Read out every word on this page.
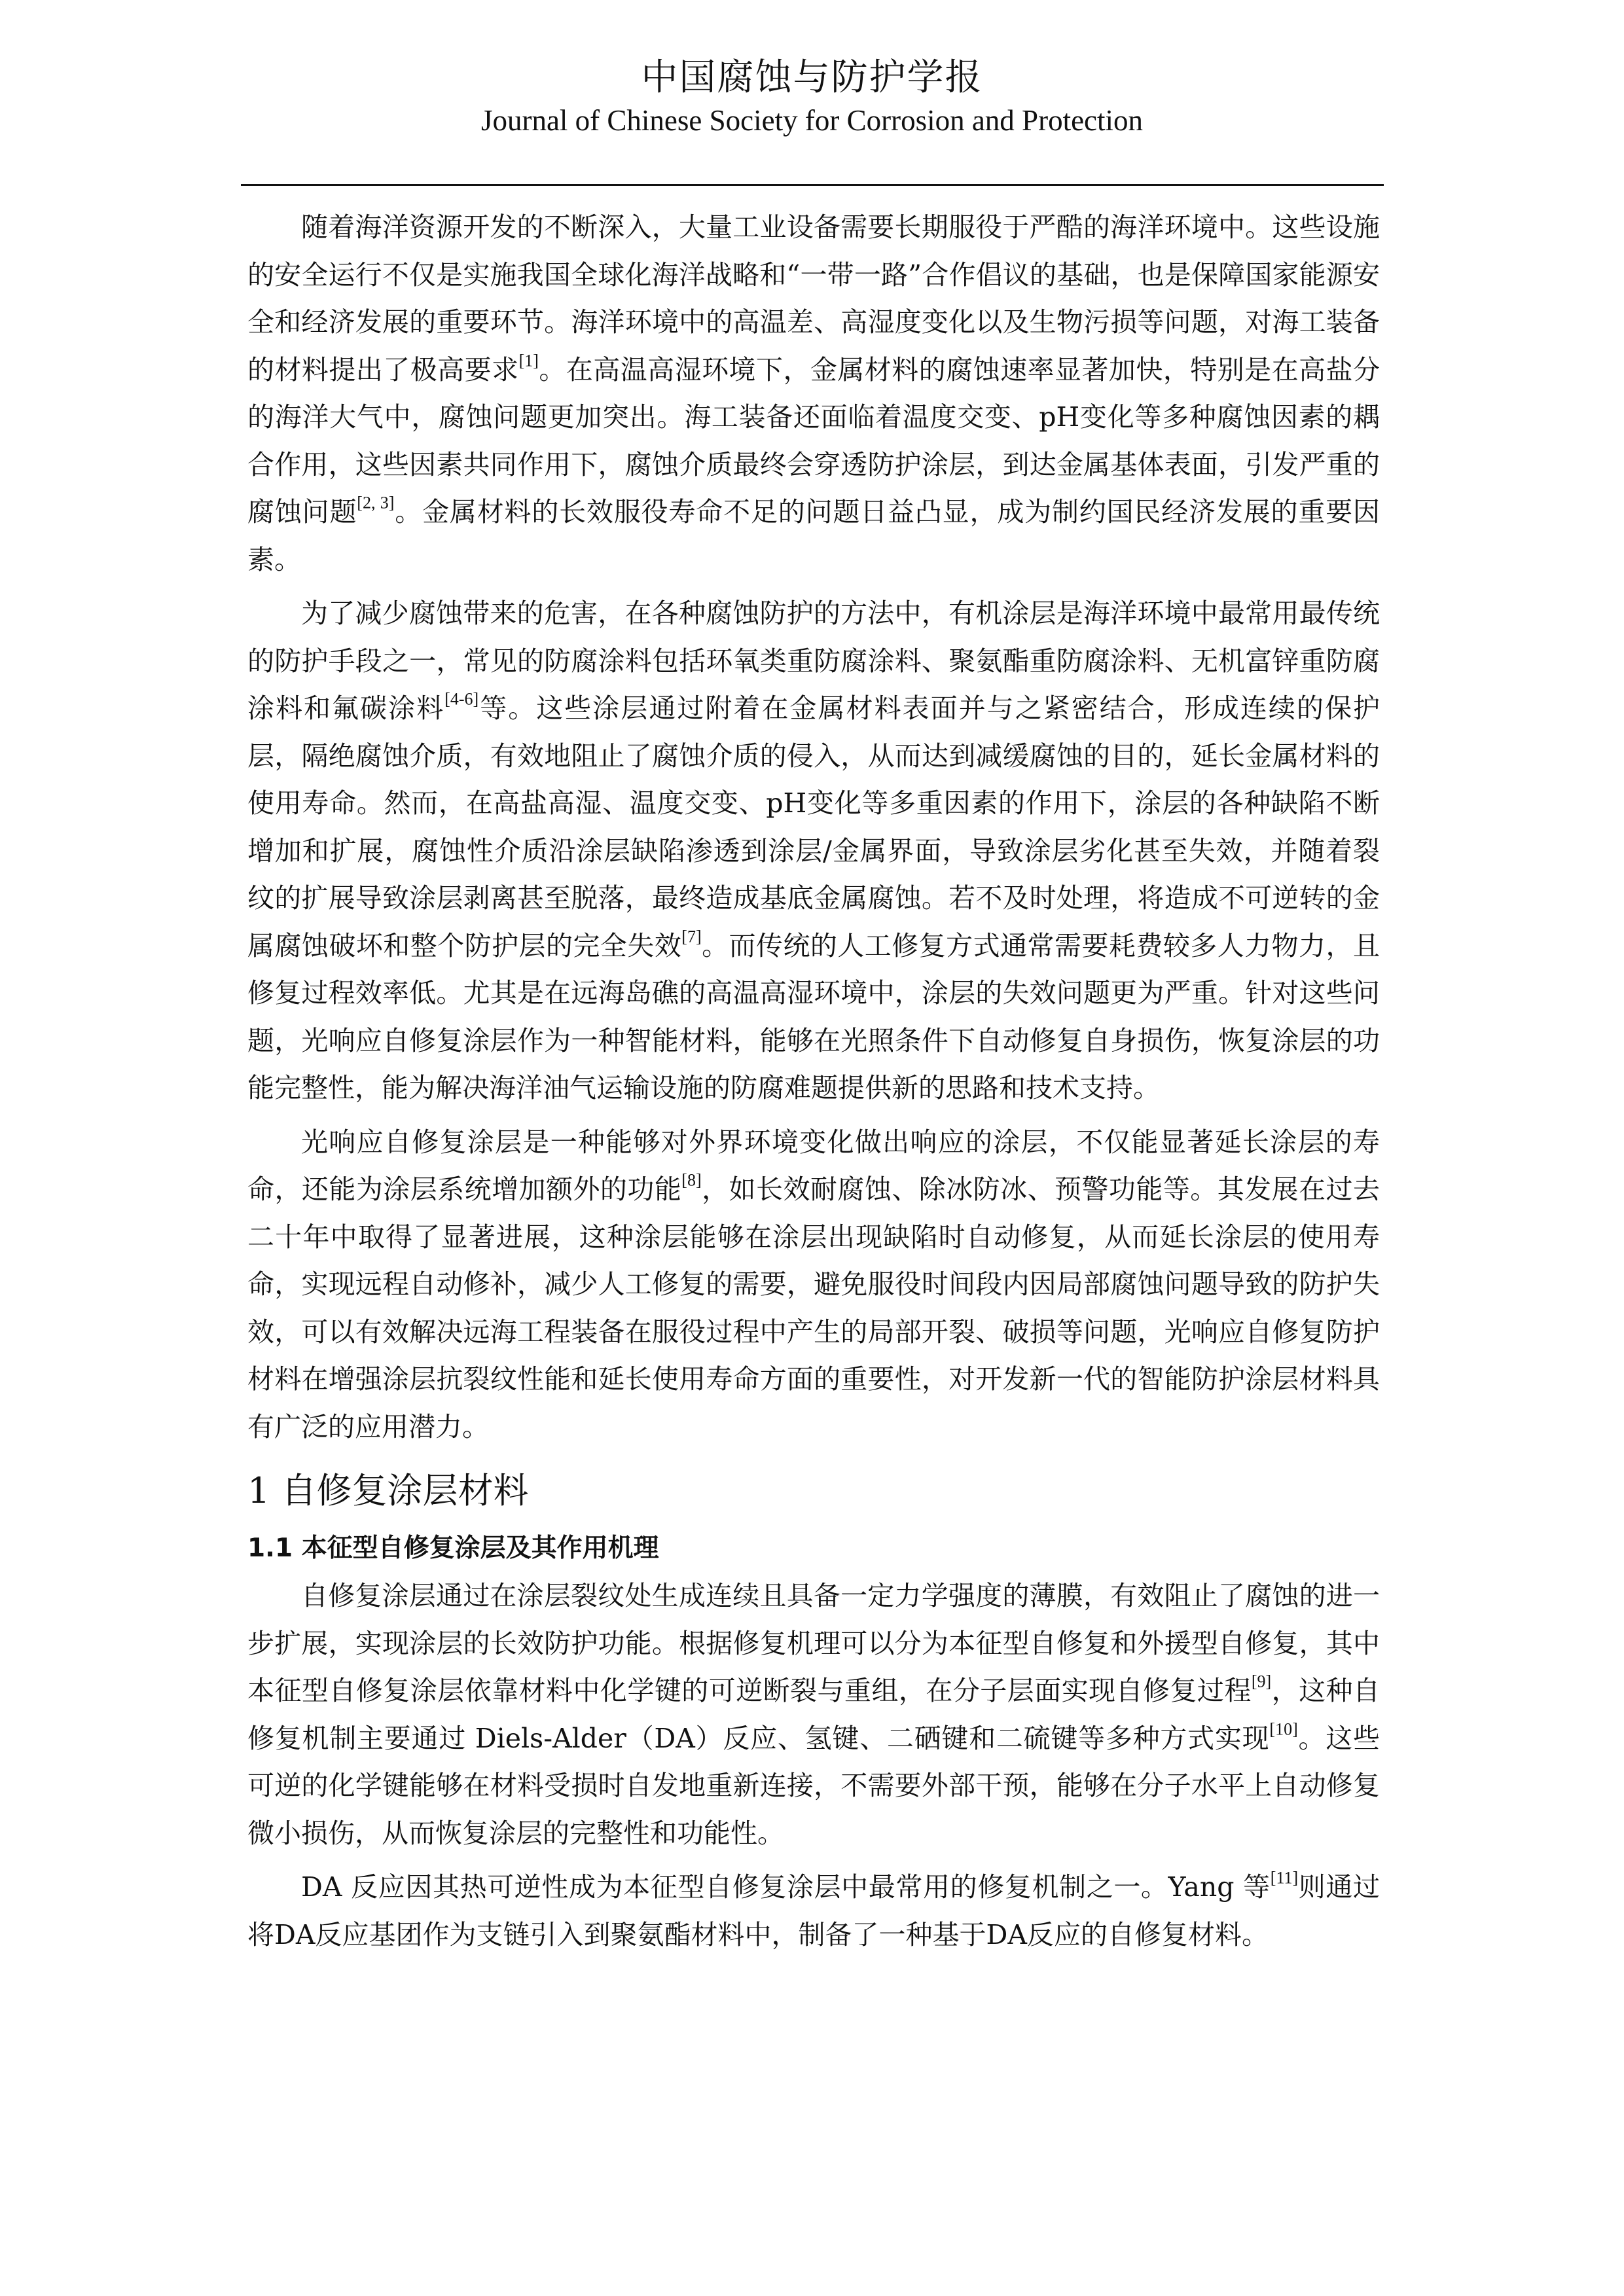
中国腐蚀与防护学报
Journal of Chinese Society for Corrosion and Protection

随着海洋资源开发的不断深入，大量工业设备需要长期服役于严酷的海洋环境中。这些设施的安全运行不仅是实施我国全球化海洋战略和“一带一路”合作倡议的基础，也是保障国家能源安全和经济发展的重要环节。海洋环境中的高温差、高湿度变化以及生物污损等问题，对海工装备的材料提出了极高要求[1]。在高温高湿环境下，金属材料的腐蚀速率显著加快，特别是在高盐分的海洋大气中，腐蚀问题更加突出。海工装备还面临着温度交变、pH变化等多种腐蚀因素的耦合作用，这些因素共同作用下，腐蚀介质最终会穿透防护涂层，到达金属基体表面，引发严重的腐蚀问题[2, 3]。金属材料的长效服役寿命不足的问题日益凸显，成为制约国民经济发展的重要因素。

为了减少腐蚀带来的危害，在各种腐蚀防护的方法中，有机涂层是海洋环境中最常用最传统的防护手段之一，常见的防腐涂料包括环氧类重防腐涂料、聚氨酯重防腐涂料、无机富锌重防腐涂料和氟碳涂料[4-6]等。这些涂层通过附着在金属材料表面并与之紧密结合，形成连续的保护层，隔绝腐蚀介质，有效地阻止了腐蚀介质的侵入，从而达到减缓腐蚀的目的，延长金属材料的使用寿命。然而，在高盐高湿、温度交变、pH变化等多重因素的作用下，涂层的各种缺陷不断增加和扩展，腐蚀性介质沿涂层缺陷渗透到涂层/金属界面，导致涂层劣化甚至失效，并随着裂纹的扩展导致涂层剥离甚至脱落，最终造成基底金属腐蚀。若不及时处理，将造成不可逆转的金属腐蚀破坏和整个防护层的完全失效[7]。而传统的人工修复方式通常需要耗费较多人力物力，且修复过程效率低。尤其是在远海岛礁的高温高湿环境中，涂层的失效问题更为严重。针对这些问题，光响应自修复涂层作为一种智能材料，能够在光照条件下自动修复自身损伤，恢复涂层的功能完整性，能为解决海洋油气运输设施的防腐难题提供新的思路和技术支持。

光响应自修复涂层是一种能够对外界环境变化做出响应的涂层，不仅能显著延长涂层的寿命，还能为涂层系统增加额外的功能[8]，如长效耐腐蚀、除冰防冰、预警功能等。其发展在过去二十年中取得了显著进展，这种涂层能够在涂层出现缺陷时自动修复，从而延长涂层的使用寿命，实现远程自动修补，减少人工修复的需要，避免服役时间段内因局部腐蚀问题导致的防护失效，可以有效解决远海工程装备在服役过程中产生的局部开裂、破损等问题，光响应自修复防护材料在增强涂层抗裂纹性能和延长使用寿命方面的重要性，对开发新一代的智能防护涂层材料具有广泛的应用潜力。

1 自修复涂层材料
1.1 本征型自修复涂层及其作用机理

自修复涂层通过在涂层裂纹处生成连续且具备一定力学强度的薄膜，有效阻止了腐蚀的进一步扩展，实现涂层的长效防护功能。根据修复机理可以分为本征型自修复和外援型自修复，其中本征型自修复涂层依靠材料中化学键的可逆断裂与重组，在分子层面实现自修复过程[9]，这种自修复机制主要通过 Diels-Alder（DA）反应、氢键、二硒键和二硫键等多种方式实现[10]。这些可逆的化学键能够在材料受损时自发地重新连接，不需要外部干预，能够在分子水平上自动修复微小损伤，从而恢复涂层的完整性和功能性。

DA 反应因其热可逆性成为本征型自修复涂层中最常用的修复机制之一。Yang 等[11]则通过将DA反应基团作为支链引入到聚氨酯材料中，制备了一种基于DA反应的自修复材料。
